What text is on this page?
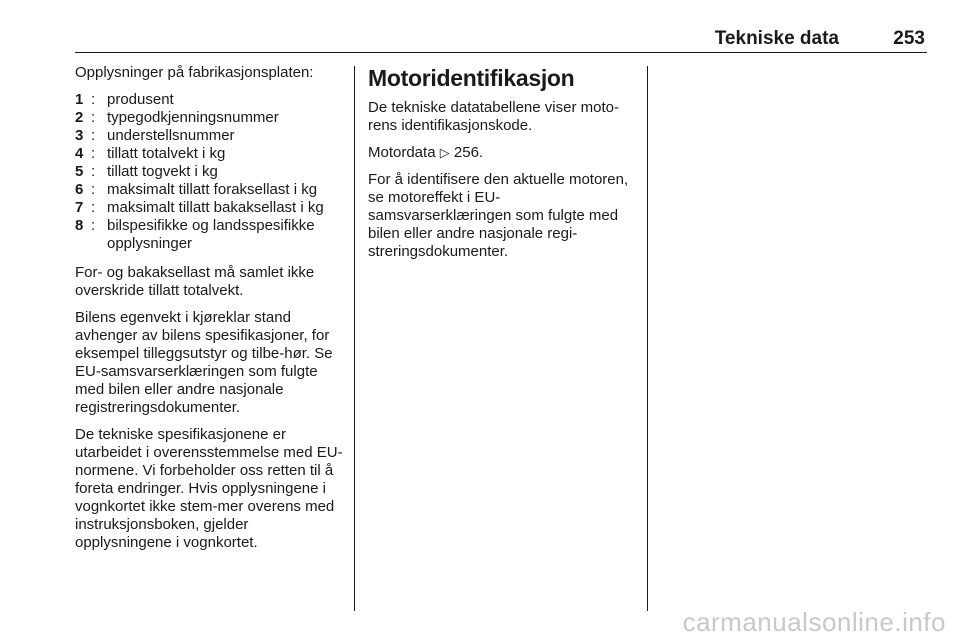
Tekniske data	253

Opplysninger på fabrikasjonsplaten:

1 : produsent
2 : typegodkjenningsnummer
3 : understellsnummer
4 : tillatt totalvekt i kg
5 : tillatt togvekt i kg
6 : maksimalt tillatt foraksellast i kg
7 : maksimalt tillatt bakaksellast i kg
8 : bilspesifikke og landsspesifikke opplysninger

For- og bakaksellast må samlet ikke overskride tillatt totalvekt.

Bilens egenvekt i kjøreklar stand avhenger av bilens spesifikasjoner, for eksempel tilleggsutstyr og tilbe-hør. Se EU-samsvarserklæringen som fulgte med bilen eller andre nasjonale registreringsdokumenter.

De tekniske spesifikasjonene er utarbeidet i overensstemmelse med EU-normene. Vi forbeholder oss retten til å foreta endringer. Hvis opplysningene i vognkortet ikke stem-mer overens med instruksjonsboken, gjelder opplysningene i vognkortet.

Motoridentifikasjon

De tekniske datatabellene viser moto-rens identifikasjonskode.

Motordata ▷ 256.

For å identifisere den aktuelle motoren, se motoreffekt i EU-samsvarserklæringen som fulgte med bilen eller andre nasjonale regi-streringsdokumenter.

carmanualsonline.info
